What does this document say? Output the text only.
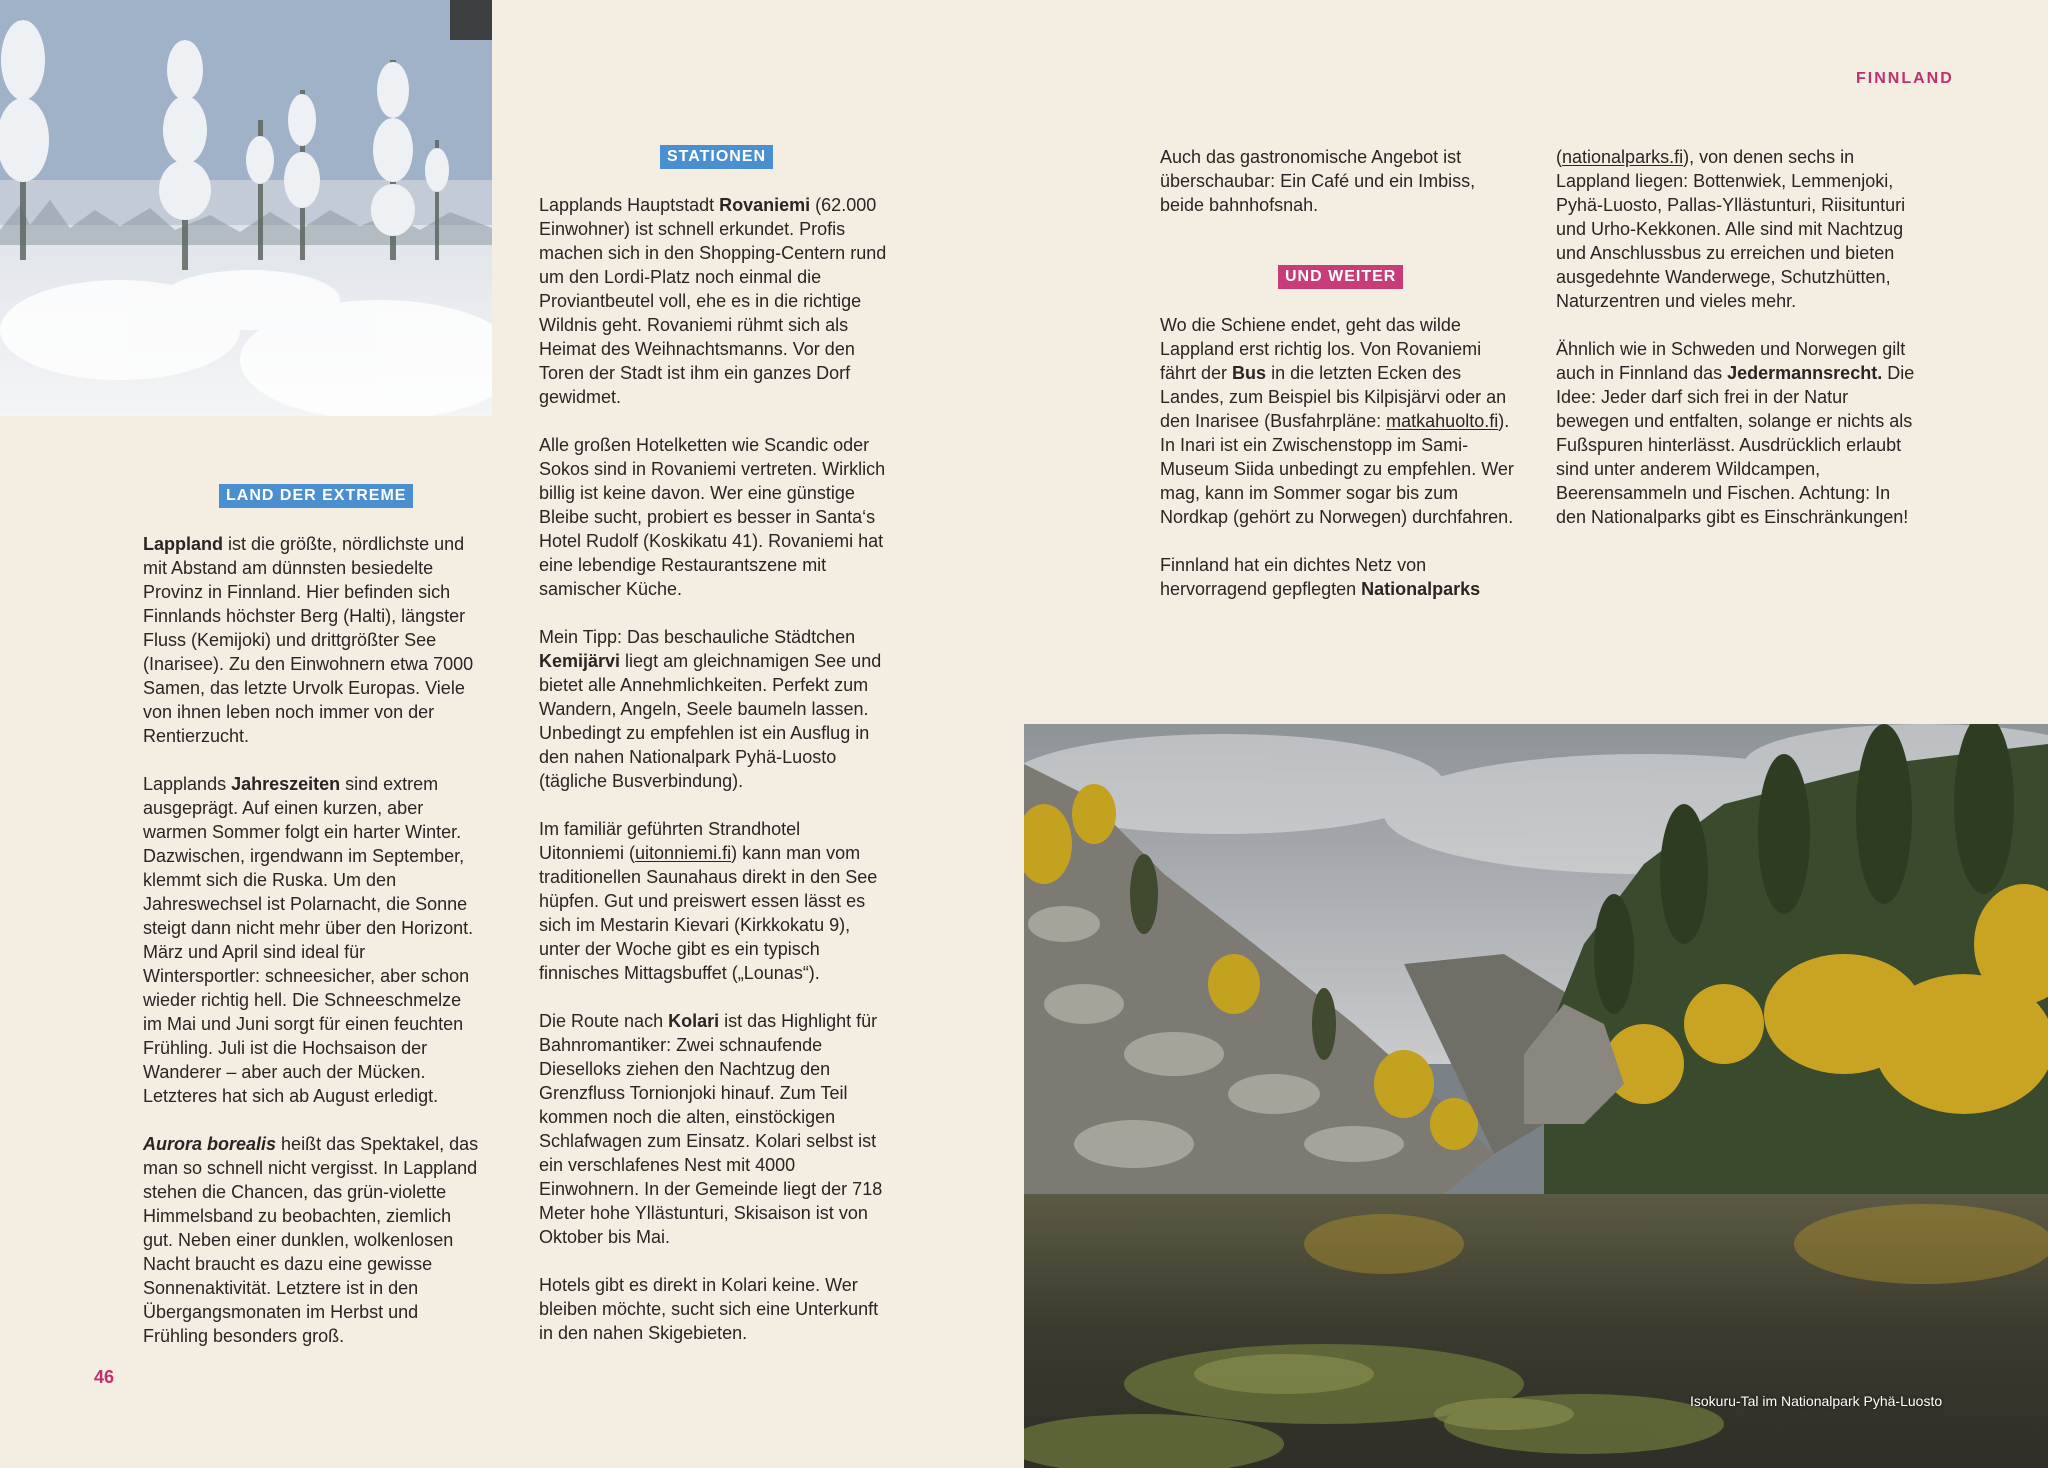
LAND DER EXTREME

Lappland ist die größte, nördlichste und mit Abstand am dünnsten besiedelte Provinz in Finnland. Hier befinden sich Finnlands höchster Berg (Halti), längster Fluss (Kemijoki) und drittgrößter See (Inarisee). Zu den Einwohnern etwa 7000 Samen, das letzte Urvolk Europas. Viele von ihnen leben noch immer von der Rentierzucht.

Lapplands Jahreszeiten sind extrem ausgeprägt. Auf einen kurzen, aber warmen Sommer folgt ein harter Winter. Dazwischen, irgendwann im September, klemmt sich die Ruska. Um den Jahreswechsel ist Polarnacht, die Sonne steigt dann nicht mehr über den Horizont. März und April sind ideal für Wintersportler: schneesicher, aber schon wieder richtig hell. Die Schneeschmelze im Mai und Juni sorgt für einen feuchten Frühling. Juli ist die Hochsaison der Wanderer – aber auch der Mücken. Letzteres hat sich ab August erledigt.

Aurora borealis heißt das Spektakel, das man so schnell nicht vergisst. In Lappland stehen die Chancen, das grün-violette Himmelsband zu beobachten, ziemlich gut. Neben einer dunklen, wolkenlosen Nacht braucht es dazu eine gewisse Sonnenaktivität. Letztere ist in den Übergangsmonaten im Herbst und Frühling besonders groß.

STATIONEN

Lapplands Hauptstadt Rovaniemi (62.000 Einwohner) ist schnell erkundet. Profis machen sich in den Shopping-Centern rund um den Lordi-Platz noch einmal die Proviantbeutel voll, ehe es in die richtige Wildnis geht. Rovaniemi rühmt sich als Heimat des Weihnachtsmanns. Vor den Toren der Stadt ist ihm ein ganzes Dorf gewidmet.

Alle großen Hotelketten wie Scandic oder Sokos sind in Rovaniemi vertreten. Wirklich billig ist keine davon. Wer eine günstige Bleibe sucht, probiert es besser in Santa‘s Hotel Rudolf (Koskikatu 41). Rovaniemi hat eine lebendige Restaurantszene mit samischer Küche.

Mein Tipp: Das beschauliche Städtchen Kemijärvi liegt am gleichnamigen See und bietet alle Annehmlichkeiten. Perfekt zum Wandern, Angeln, Seele baumeln lassen. Unbedingt zu empfehlen ist ein Ausflug in den nahen Nationalpark Pyhä-Luosto (tägliche Busverbindung).

Im familiär geführten Strandhotel Uitonniemi (uitonniemi.fi) kann man vom traditionellen Saunahaus direkt in den See hüpfen. Gut und preiswert essen lässt es sich im Mestarin Kievari (Kirkkokatu 9), unter der Woche gibt es ein typisch finnisches Mittagsbuffet („Lounas“).

Die Route nach Kolari ist das Highlight für Bahnromantiker: Zwei schnaufende Dieselloks ziehen den Nachtzug den Grenzfluss Tornionjoki hinauf. Zum Teil kommen noch die alten, einstöckigen Schlafwagen zum Einsatz. Kolari selbst ist ein verschlafenes Nest mit 4000 Einwohnern. In der Gemeinde liegt der 718 Meter hohe Yllästunturi, Skisaison ist von Oktober bis Mai.

Hotels gibt es direkt in Kolari keine. Wer bleiben möchte, sucht sich eine Unterkunft in den nahen Skigebieten.

46
FINNLAND

Auch das gastronomische Angebot ist überschaubar: Ein Café und ein Imbiss, beide bahnhofsnah.

UND WEITER

Wo die Schiene endet, geht das wilde Lappland erst richtig los. Von Rovaniemi fährt der Bus in die letzten Ecken des Landes, zum Beispiel bis Kilpisjärvi oder an den Inarisee (Busfahrpläne: matkahuolto.fi). In Inari ist ein Zwischenstopp im Sami-Museum Siida unbedingt zu empfehlen. Wer mag, kann im Sommer sogar bis zum Nordkap (gehört zu Norwegen) durchfahren.

Finnland hat ein dichtes Netz von hervorragend gepflegten Nationalparks

(nationalparks.fi), von denen sechs in Lappland liegen: Bottenwiek, Lemmenjoki, Pyhä-Luosto, Pallas-Yllästunturi, Riisitunturi und Urho-Kekkonen. Alle sind mit Nachtzug und Anschlussbus zu erreichen und bieten ausgedehnte Wanderwege, Schutzhütten, Naturzentren und vieles mehr.

Ähnlich wie in Schweden und Norwegen gilt auch in Finnland das Jedermannsrecht. Die Idee: Jeder darf sich frei in der Natur bewegen und entfalten, solange er nichts als Fußspuren hinterlässt. Ausdrücklich erlaubt sind unter anderem Wildcampen, Beerensammeln und Fischen. Achtung: In den Nationalparks gibt es Einschränkungen!

Isokuru-Tal im Nationalpark Pyhä-Luosto
